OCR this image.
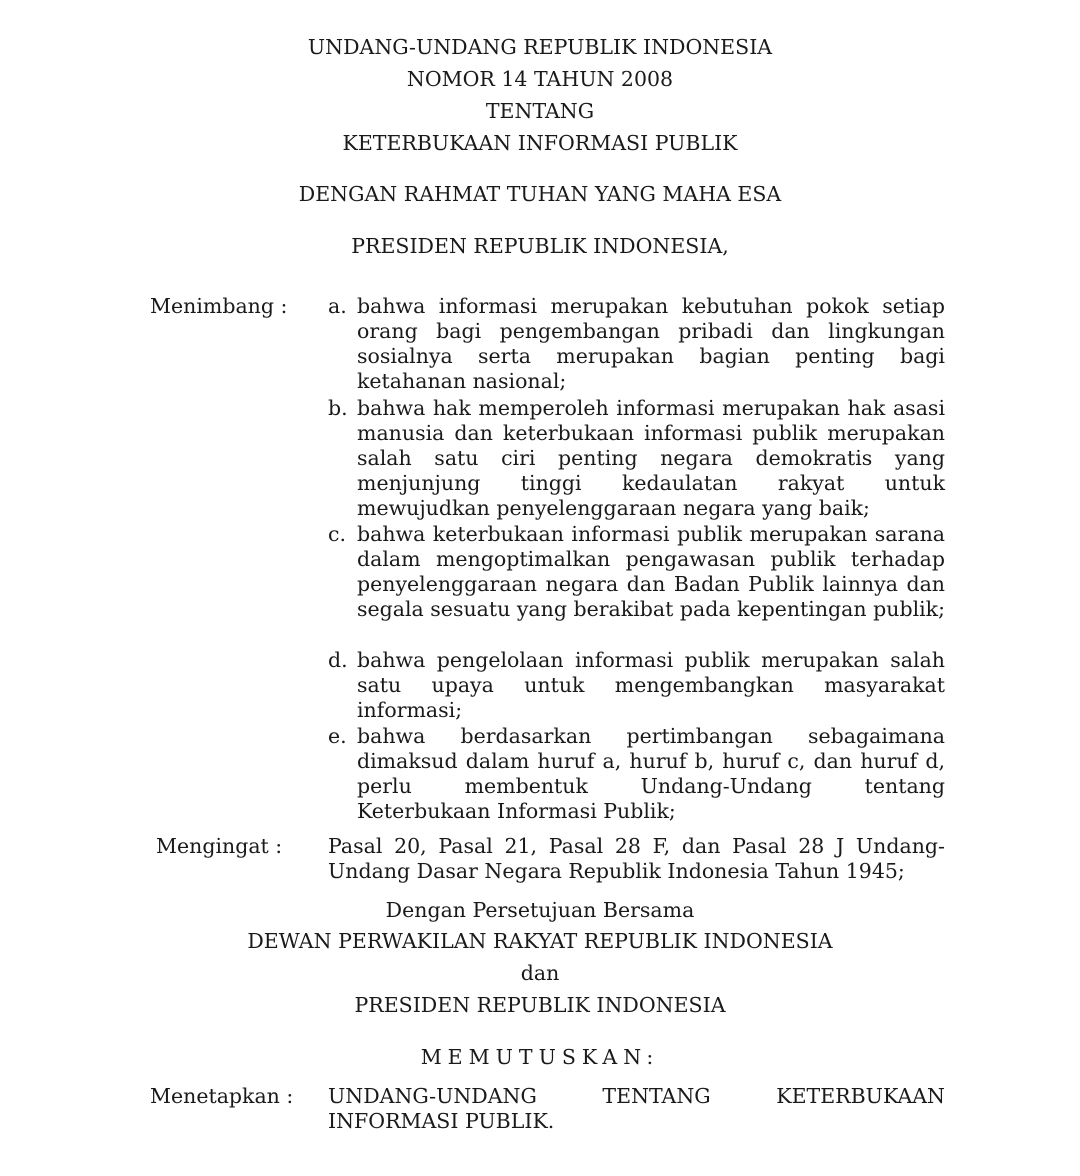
UNDANG-UNDANG REPUBLIK INDONESIA
NOMOR 14 TAHUN 2008
TENTANG
KETERBUKAAN INFORMASI PUBLIK
DENGAN RAHMAT TUHAN YANG MAHA ESA
PRESIDEN REPUBLIK INDONESIA,
Menimbang : a. bahwa informasi merupakan kebutuhan pokok setiap orang bagi pengembangan pribadi dan lingkungan sosialnya serta merupakan bagian penting bagi ketahanan nasional;
b. bahwa hak memperoleh informasi merupakan hak asasi manusia dan keterbukaan informasi publik merupakan salah satu ciri penting negara demokratis yang menjunjung tinggi kedaulatan rakyat untuk mewujudkan penyelenggaraan negara yang baik;
c. bahwa keterbukaan informasi publik merupakan sarana dalam mengoptimalkan pengawasan publik terhadap penyelenggaraan negara dan Badan Publik lainnya dan segala sesuatu yang berakibat pada kepentingan publik;
d. bahwa pengelolaan informasi publik merupakan salah satu upaya untuk mengembangkan masyarakat informasi;
e. bahwa berdasarkan pertimbangan sebagaimana dimaksud dalam huruf a, huruf b, huruf c, dan huruf d, perlu membentuk Undang-Undang tentang Keterbukaan Informasi Publik;
Mengingat : Pasal 20, Pasal 21, Pasal 28 F, dan Pasal 28 J Undang-Undang Dasar Negara Republik Indonesia Tahun 1945;
Dengan Persetujuan Bersama
DEWAN PERWAKILAN RAKYAT REPUBLIK INDONESIA
dan
PRESIDEN REPUBLIK INDONESIA
MEMUTUSKAN:
Menetapkan : UNDANG-UNDANG TENTANG KETERBUKAAN INFORMASI PUBLIK.
